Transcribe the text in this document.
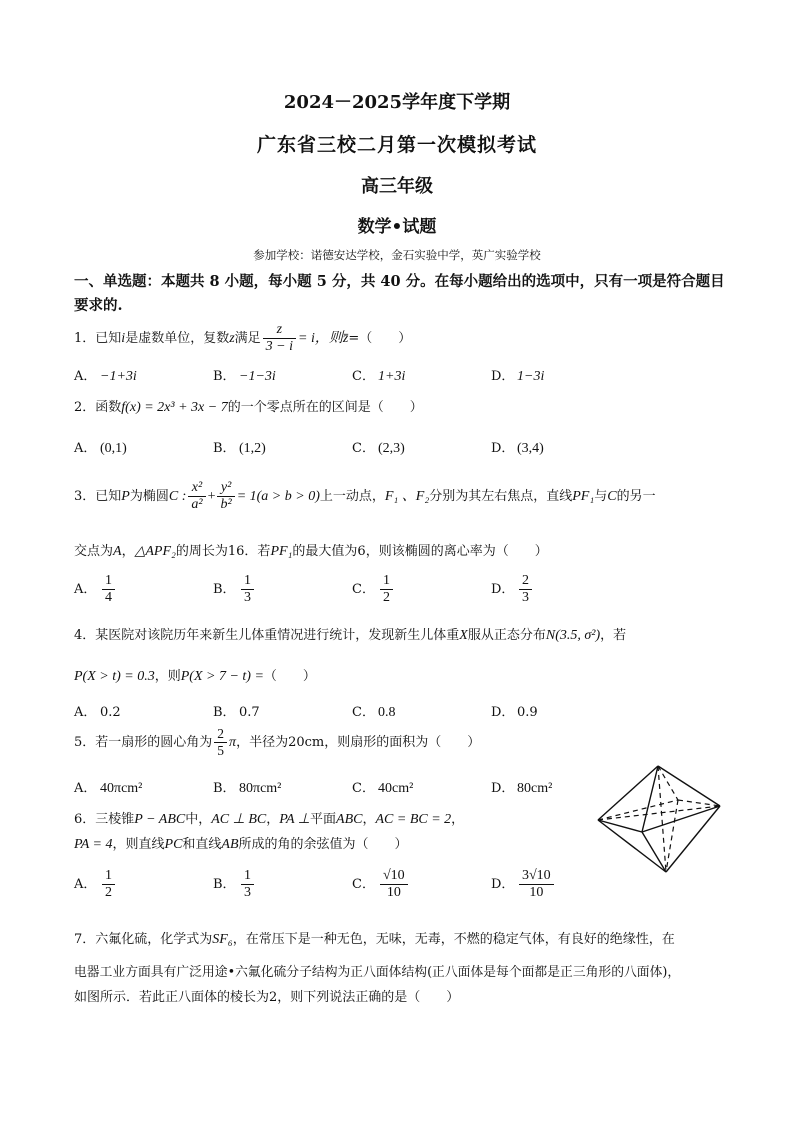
2024－2025学年度下学期
广东省三校二月第一次模拟考试
高三年级
数学•试题
参加学校：诺德安达学校，金石实验中学，英广实验学校
一、单选题：本题共 8 小题，每小题 5 分，共 40 分。在每小题给出的选项中，只有一项是符合题目要求的.
1．已知i是虚数单位，复数z满足 $\frac{z}{3 - i} = i$，则z̄=（　　）
A． −1+3i	B． −1−3i	C． 1+3i	D． 1−3i
2．函数f(x) = 2x³ + 3x − 7的一个零点所在的区间是（　　）
A． (0,1)	B． (1,2)	C． (2,3)	D． (3,4)
3．已知P为椭圆C : $\frac{\text{x²}}{\text{a²}} + \frac{\text{y²}}{\text{b²}} = 1(a > b > 0)$上一动点，F₁ 、F₂分别为其左右焦点，直线PF₁与C的另一
交点为A，△APF₂的周长为16．若PF₁的最大值为6，则该椭圆的离心率为（　　）
A． $\frac{1}{4}$	B． $\frac{1}{3}$	C． $\frac{1}{2}$	D． $\frac{2}{3}$
4．某医院对该院历年来新生儿体重情况进行统计，发现新生儿体重X服从正态分布N(3.5, σ²)，若
P(X > t) = 0.3，则P(X > 7 − t) =（　　）
A． 0.2	B． 0.7	C． 0.8	D． 0.9
5．若一扇形的圆心角为 $\frac{2}{5}$ π，半径为20cm，则扇形的面积为（　　）
A． 40πcm²	B． 80πcm²	C． 40cm²	D． 80cm²
6．三棱锥P − ABC中，AC ⊥ BC，PA ⊥平面ABC，AC = BC = 2，
PA = 4，则直线PC和直线AB所成的角的余弦值为（　　）
A． $\frac{1}{2}$	B． $\frac{1}{3}$	C． $\frac{√10}{10}$	D． $\frac{3√10}{10}$
7．六氟化硫，化学式为SF₆，在常压下是一种无色，无味，无毒，不燃的稳定气体，有良好的绝缘性，在
电器工业方面具有广泛用途•六氟化硫分子结构为正八面体结构(正八面体是每个面都是正三角形的八面体)，
如图所示．若此正八面体的棱长为2，则下列说法正确的是（　　）
